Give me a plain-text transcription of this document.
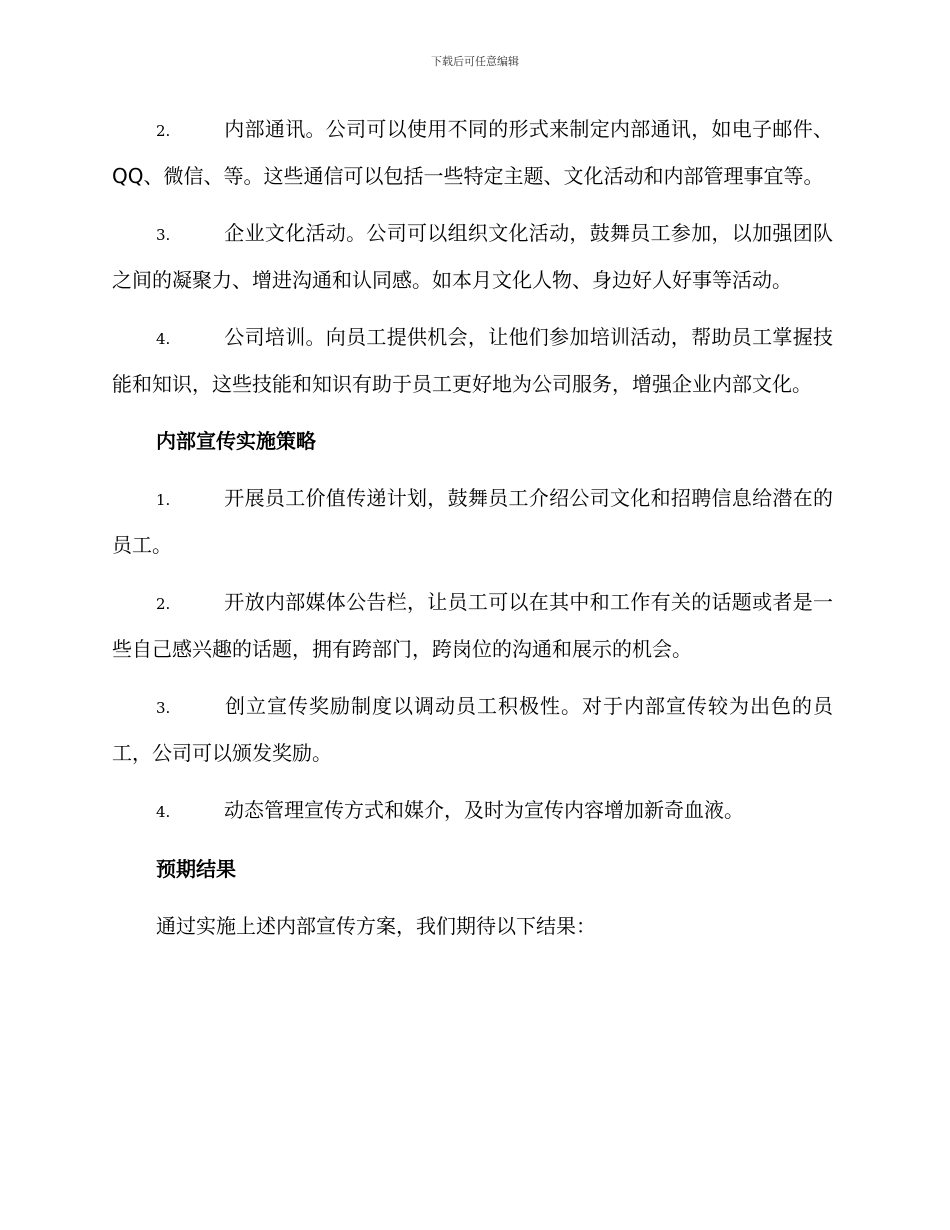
下载后可任意编辑

2.	内部通讯。公司可以使用不同的形式来制定内部通讯，如电子邮件、QQ、微信、等。这些通信可以包括一些特定主题、文化活动和内部管理事宜等。

3.	企业文化活动。公司可以组织文化活动，鼓舞员工参加，以加强团队之间的凝聚力、增进沟通和认同感。如本月文化人物、身边好人好事等活动。

4.	公司培训。向员工提供机会，让他们参加培训活动，帮助员工掌握技能和知识，这些技能和知识有助于员工更好地为公司服务，增强企业内部文化。

内部宣传实施策略

1.	开展员工价值传递计划，鼓舞员工介绍公司文化和招聘信息给潜在的员工。

2.	开放内部媒体公告栏，让员工可以在其中和工作有关的话题或者是一些自己感兴趣的话题，拥有跨部门，跨岗位的沟通和展示的机会。

3.	创立宣传奖励制度以调动员工积极性。对于内部宣传较为出色的员工，公司可以颁发奖励。

4.	动态管理宣传方式和媒介，及时为宣传内容增加新奇血液。

预期结果
通过实施上述内部宣传方案，我们期待以下结果：
